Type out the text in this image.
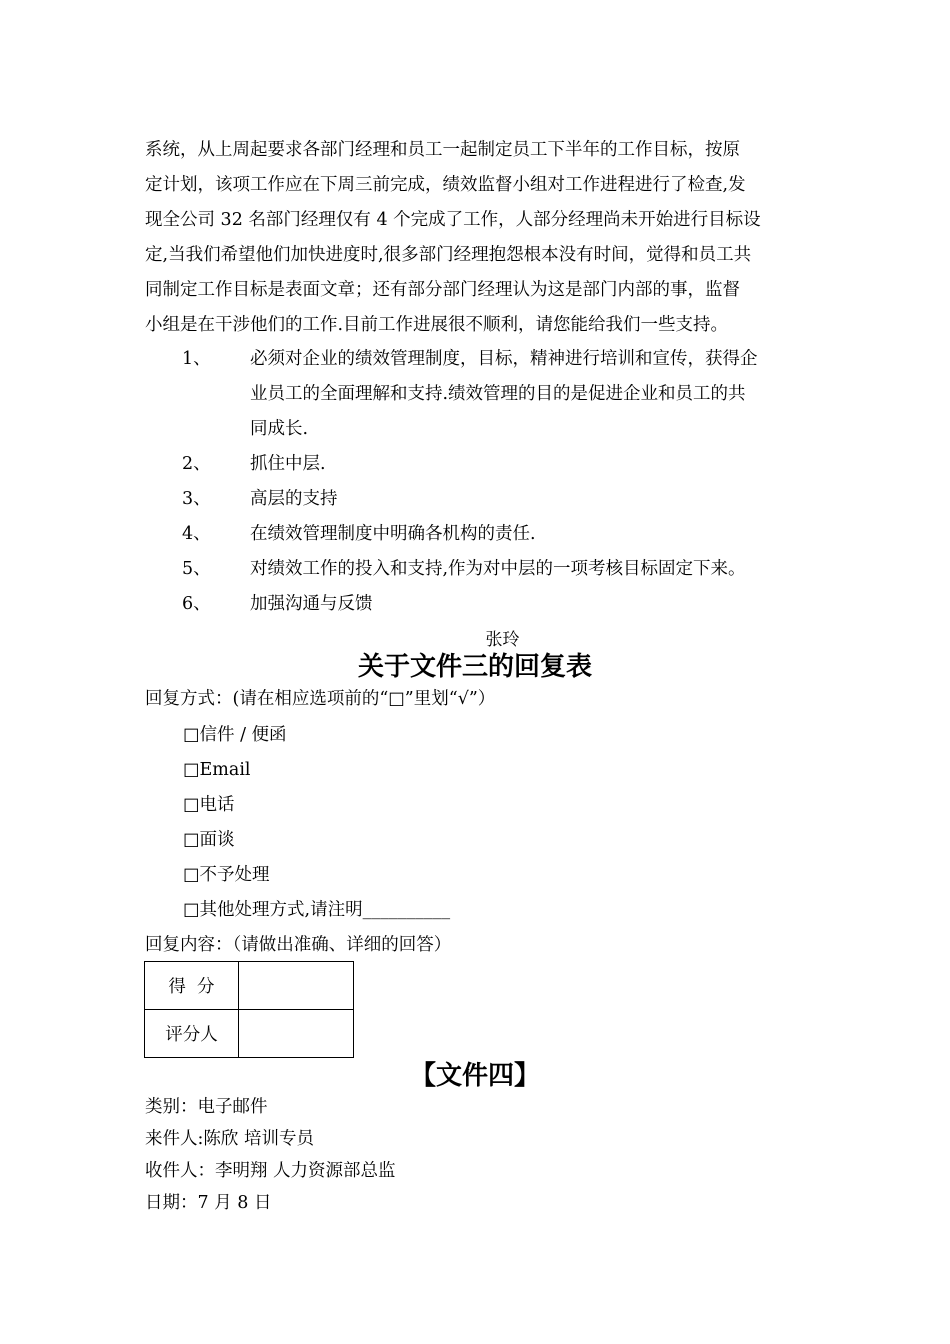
系统，从上周起要求各部门经理和员工一起制定员工下半年的工作目标，按原
定计划，该项工作应在下周三前完成，绩效监督小组对工作进程进行了检查,发
现全公司 32 名部门经理仅有 4 个完成了工作，人部分经理尚未开始进行目标设
定,当我们希望他们加快进度时,很多部门经理抱怨根本没有时间，觉得和员工共
同制定工作目标是表面文章；还有部分部门经理认为这是部门内部的事，监督
小组是在干涉他们的工作.目前工作进展很不顺利，请您能给我们一些支持。
1、 必须对企业的绩效管理制度，目标，精神进行培训和宣传，获得企
业员工的全面理解和支持.绩效管理的目的是促进企业和员工的共
同成长.
2、 抓住中层.
3、 高层的支持
4、 在绩效管理制度中明确各机构的责任.
5、 对绩效工作的投入和支持,作为对中层的一项考核目标固定下来。
6、 加强沟通与反馈
张玲
关于文件三的回复表
回复方式：(请在相应选项前的“□”里划“√”）
□信件 / 便函
□Email
□电话
□面谈
□不予处理
□其他处理方式,请注明__________
回复内容：（请做出准确、详细的回答）
得  分	
评分人	
【文件四】
类别：电子邮件
来件人:陈欣 培训专员
收件人：李明翔 人力资源部总监
日期：7 月 8 日
